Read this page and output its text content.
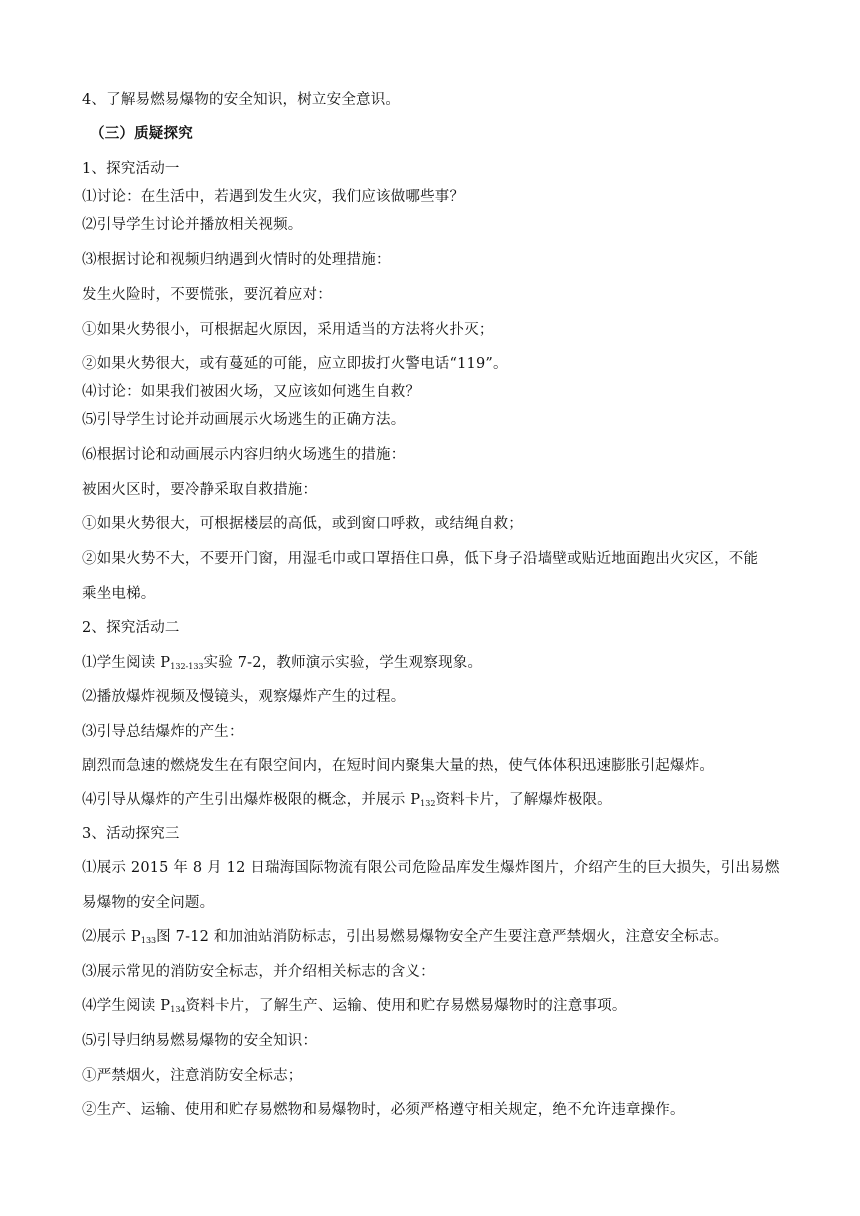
4、了解易燃易爆物的安全知识，树立安全意识。
（三）质疑探究
1、探究活动一
⑴讨论：在生活中，若遇到发生火灾，我们应该做哪些事？
⑵引导学生讨论并播放相关视频。
⑶根据讨论和视频归纳遇到火情时的处理措施：
发生火险时，不要慌张，要沉着应对：
①如果火势很小，可根据起火原因，采用适当的方法将火扑灭；
②如果火势很大，或有蔓延的可能，应立即拔打火警电话“119”。
⑷讨论：如果我们被困火场，又应该如何逃生自救？
⑸引导学生讨论并动画展示火场逃生的正确方法。
⑹根据讨论和动画展示内容归纳火场逃生的措施：
被困火区时，要冷静采取自救措施：
①如果火势很大，可根据楼层的高低，或到窗口呼救，或结绳自救；
②如果火势不大，不要开门窗，用湿毛巾或口罩捂住口鼻，低下身子沿墙壁或贴近地面跑出火灾区，不能
乘坐电梯。
2、探究活动二
⑴学生阅读 $P_{132-133}$实验 7-2，教师演示实验，学生观察现象。
⑵播放爆炸视频及慢镜头，观察爆炸产生的过程。
⑶引导总结爆炸的产生：
剧烈而急速的燃烧发生在有限空间内，在短时间内聚集大量的热，使气体体积迅速膨胀引起爆炸。
⑷引导从爆炸的产生引出爆炸极限的概念，并展示 $P_{132}$资料卡片，了解爆炸极限。
3、活动探究三
⑴展示 2015 年 8 月 12 日瑞海国际物流有限公司危险品库发生爆炸图片，介绍产生的巨大损失，引出易燃
易爆物的安全问题。
⑵展示 $P_{133}$图 7-12 和加油站消防标志，引出易燃易爆物安全产生要注意严禁烟火，注意安全标志。
⑶展示常见的消防安全标志，并介绍相关标志的含义：
⑷学生阅读 $P_{134}$资料卡片，了解生产、运输、使用和贮存易燃易爆物时的注意事项。
⑸引导归纳易燃易爆物的安全知识：
①严禁烟火，注意消防安全标志；
②生产、运输、使用和贮存易燃物和易爆物时，必须严格遵守相关规定，绝不允许违章操作。
